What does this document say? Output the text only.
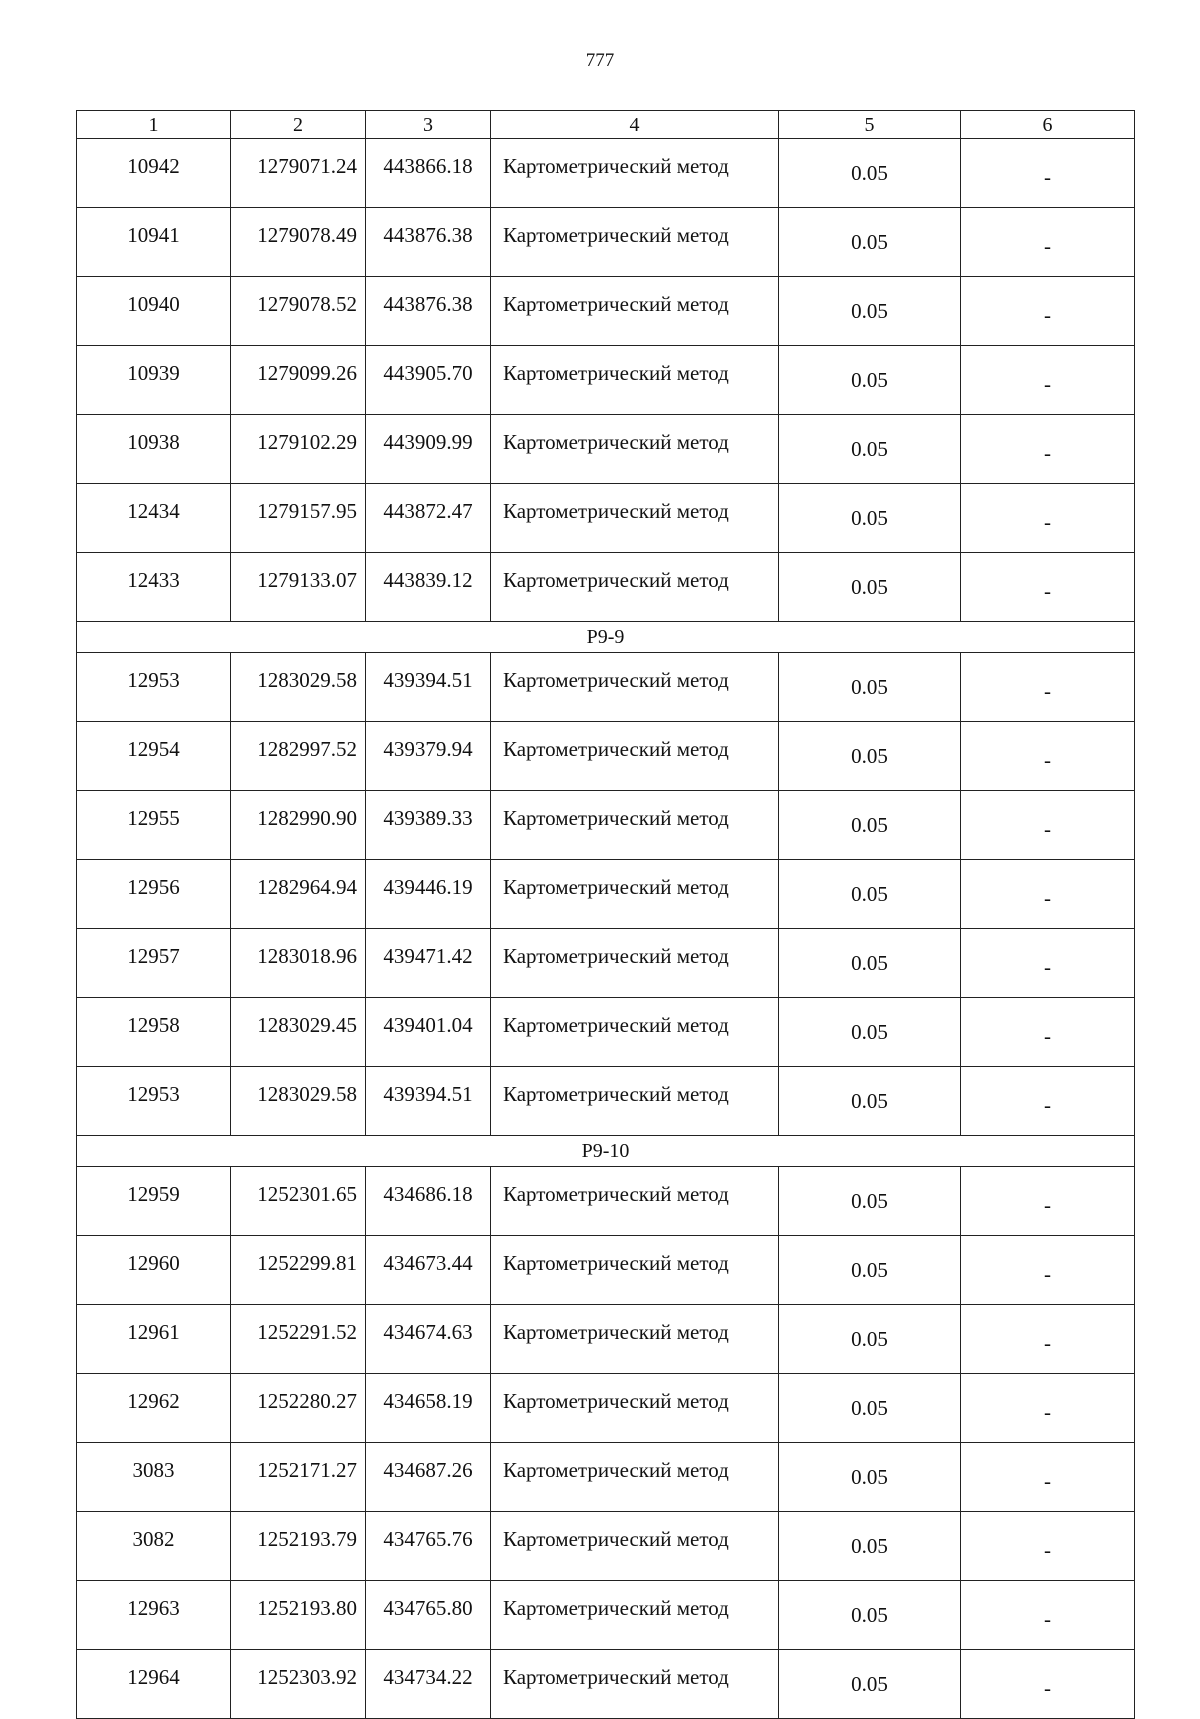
777
1	2	3	4	5	6
10942	1279071.24	443866.18	Картометрический метод	0.05	-
10941	1279078.49	443876.38	Картометрический метод	0.05	-
10940	1279078.52	443876.38	Картометрический метод	0.05	-
10939	1279099.26	443905.70	Картометрический метод	0.05	-
10938	1279102.29	443909.99	Картометрический метод	0.05	-
12434	1279157.95	443872.47	Картометрический метод	0.05	-
12433	1279133.07	443839.12	Картометрический метод	0.05	-
Р9-9					
12953	1283029.58	439394.51	Картометрический метод	0.05	-
12954	1282997.52	439379.94	Картометрический метод	0.05	-
12955	1282990.90	439389.33	Картометрический метод	0.05	-
12956	1282964.94	439446.19	Картометрический метод	0.05	-
12957	1283018.96	439471.42	Картометрический метод	0.05	-
12958	1283029.45	439401.04	Картометрический метод	0.05	-
12953	1283029.58	439394.51	Картометрический метод	0.05	-
Р9-10					
12959	1252301.65	434686.18	Картометрический метод	0.05	-
12960	1252299.81	434673.44	Картометрический метод	0.05	-
12961	1252291.52	434674.63	Картометрический метод	0.05	-
12962	1252280.27	434658.19	Картометрический метод	0.05	-
3083	1252171.27	434687.26	Картометрический метод	0.05	-
3082	1252193.79	434765.76	Картометрический метод	0.05	-
12963	1252193.80	434765.80	Картометрический метод	0.05	-
12964	1252303.92	434734.22	Картометрический метод	0.05	-
